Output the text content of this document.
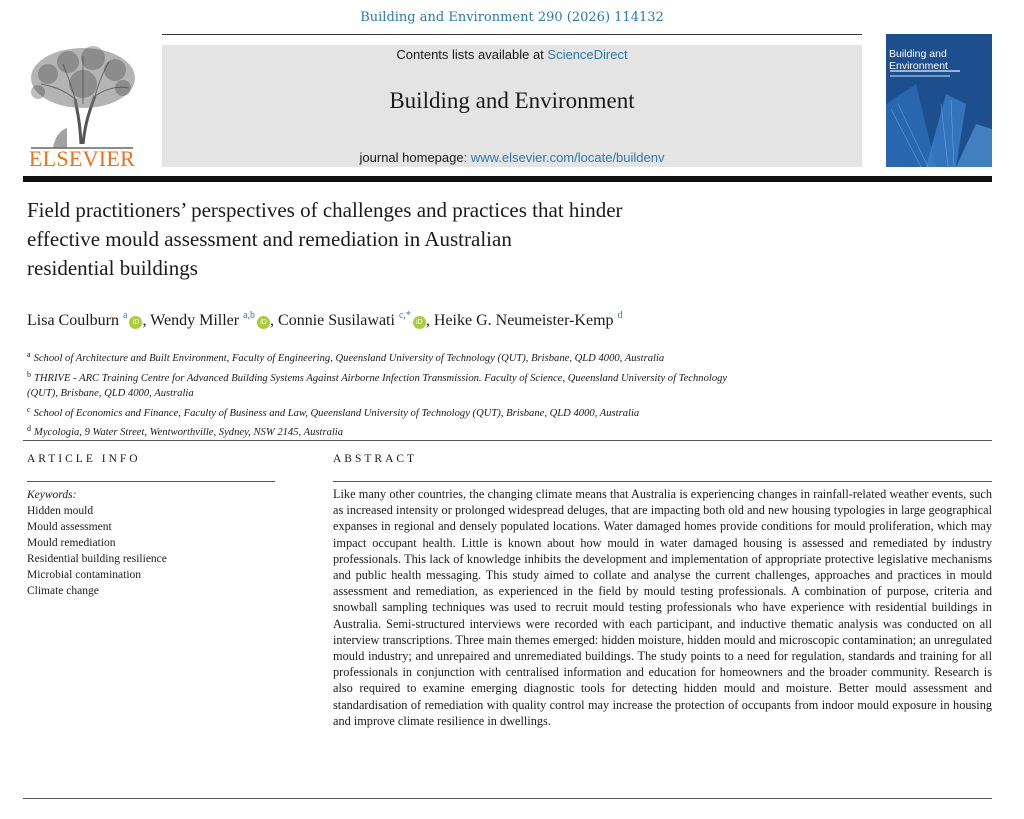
Building and Environment 290 (2026) 114132
ELSEVIER
Contents lists available at ScienceDirect
Building and Environment
journal homepage: www.elsevier.com/locate/buildenv
Building and Environment
Field practitioners’ perspectives of challenges and practices that hinder
effective mould assessment and remediation in Australian
residential buildings
Lisa Coulburn $^a$iD , Wendy Miller $^{a,b}$iD , Connie Susilawati $^{c,*}$iD , Heike G. Neumeister-Kemp $^d$
$^a$ School of Architecture and Built Environment, Faculty of Engineering, Queensland University of Technology (QUT), Brisbane, QLD 4000, Australia
$^b$ THRIVE - ARC Training Centre for Advanced Building Systems Against Airborne Infection Transmission. Faculty of Science, Queensland University of Technology
(QUT), Brisbane, QLD 4000, Australia
$^c$ School of Economics and Finance, Faculty of Business and Law, Queensland University of Technology (QUT), Brisbane, QLD 4000, Australia
$^d$ Mycologia, 9 Water Street, Wentworthville, Sydney, NSW 2145, Australia
ARTICLE INFO
Keywords:
Hidden mould
Mould assessment
Mould remediation
Residential building resilience
Microbial contamination
Climate change
ABSTRACT
Like many other countries, the changing climate means that Australia is experiencing changes in rainfall-related weather events, such as increased intensity or prolonged widespread deluges, that are impacting both old and new housing typologies in large geographical expanses in regional and densely populated locations. Water damaged homes provide conditions for mould proliferation, which may impact occupant health. Little is known about how mould in water damaged housing is assessed and remediated by industry professionals. This lack of knowledge inhibits the development and implementation of appropriate protective legislative mechanisms and public health messaging. This study aimed to collate and analyse the current challenges, approaches and practices in mould assessment and remediation, as experienced in the field by mould testing professionals. A combination of purpose, criteria and snowball sampling techniques was used to recruit mould testing professionals who have experience with residential buildings in Australia. Semi-structured interviews were recorded with each participant, and inductive thematic analysis was conducted on all interview transcriptions. Three main themes emerged: hidden moisture, hidden mould and microscopic contamination; an unregulated mould industry; and unrepaired and unremediated buildings. The study points to a need for regulation, standards and training for all professionals in conjunction with centralised information and education for homeowners and the broader community. Research is also required to examine emerging diagnostic tools for detecting hidden mould and moisture. Better mould assessment and standardisation of remediation with quality control may increase the protection of occupants from indoor mould exposure in housing and improve climate resilience in dwellings.
